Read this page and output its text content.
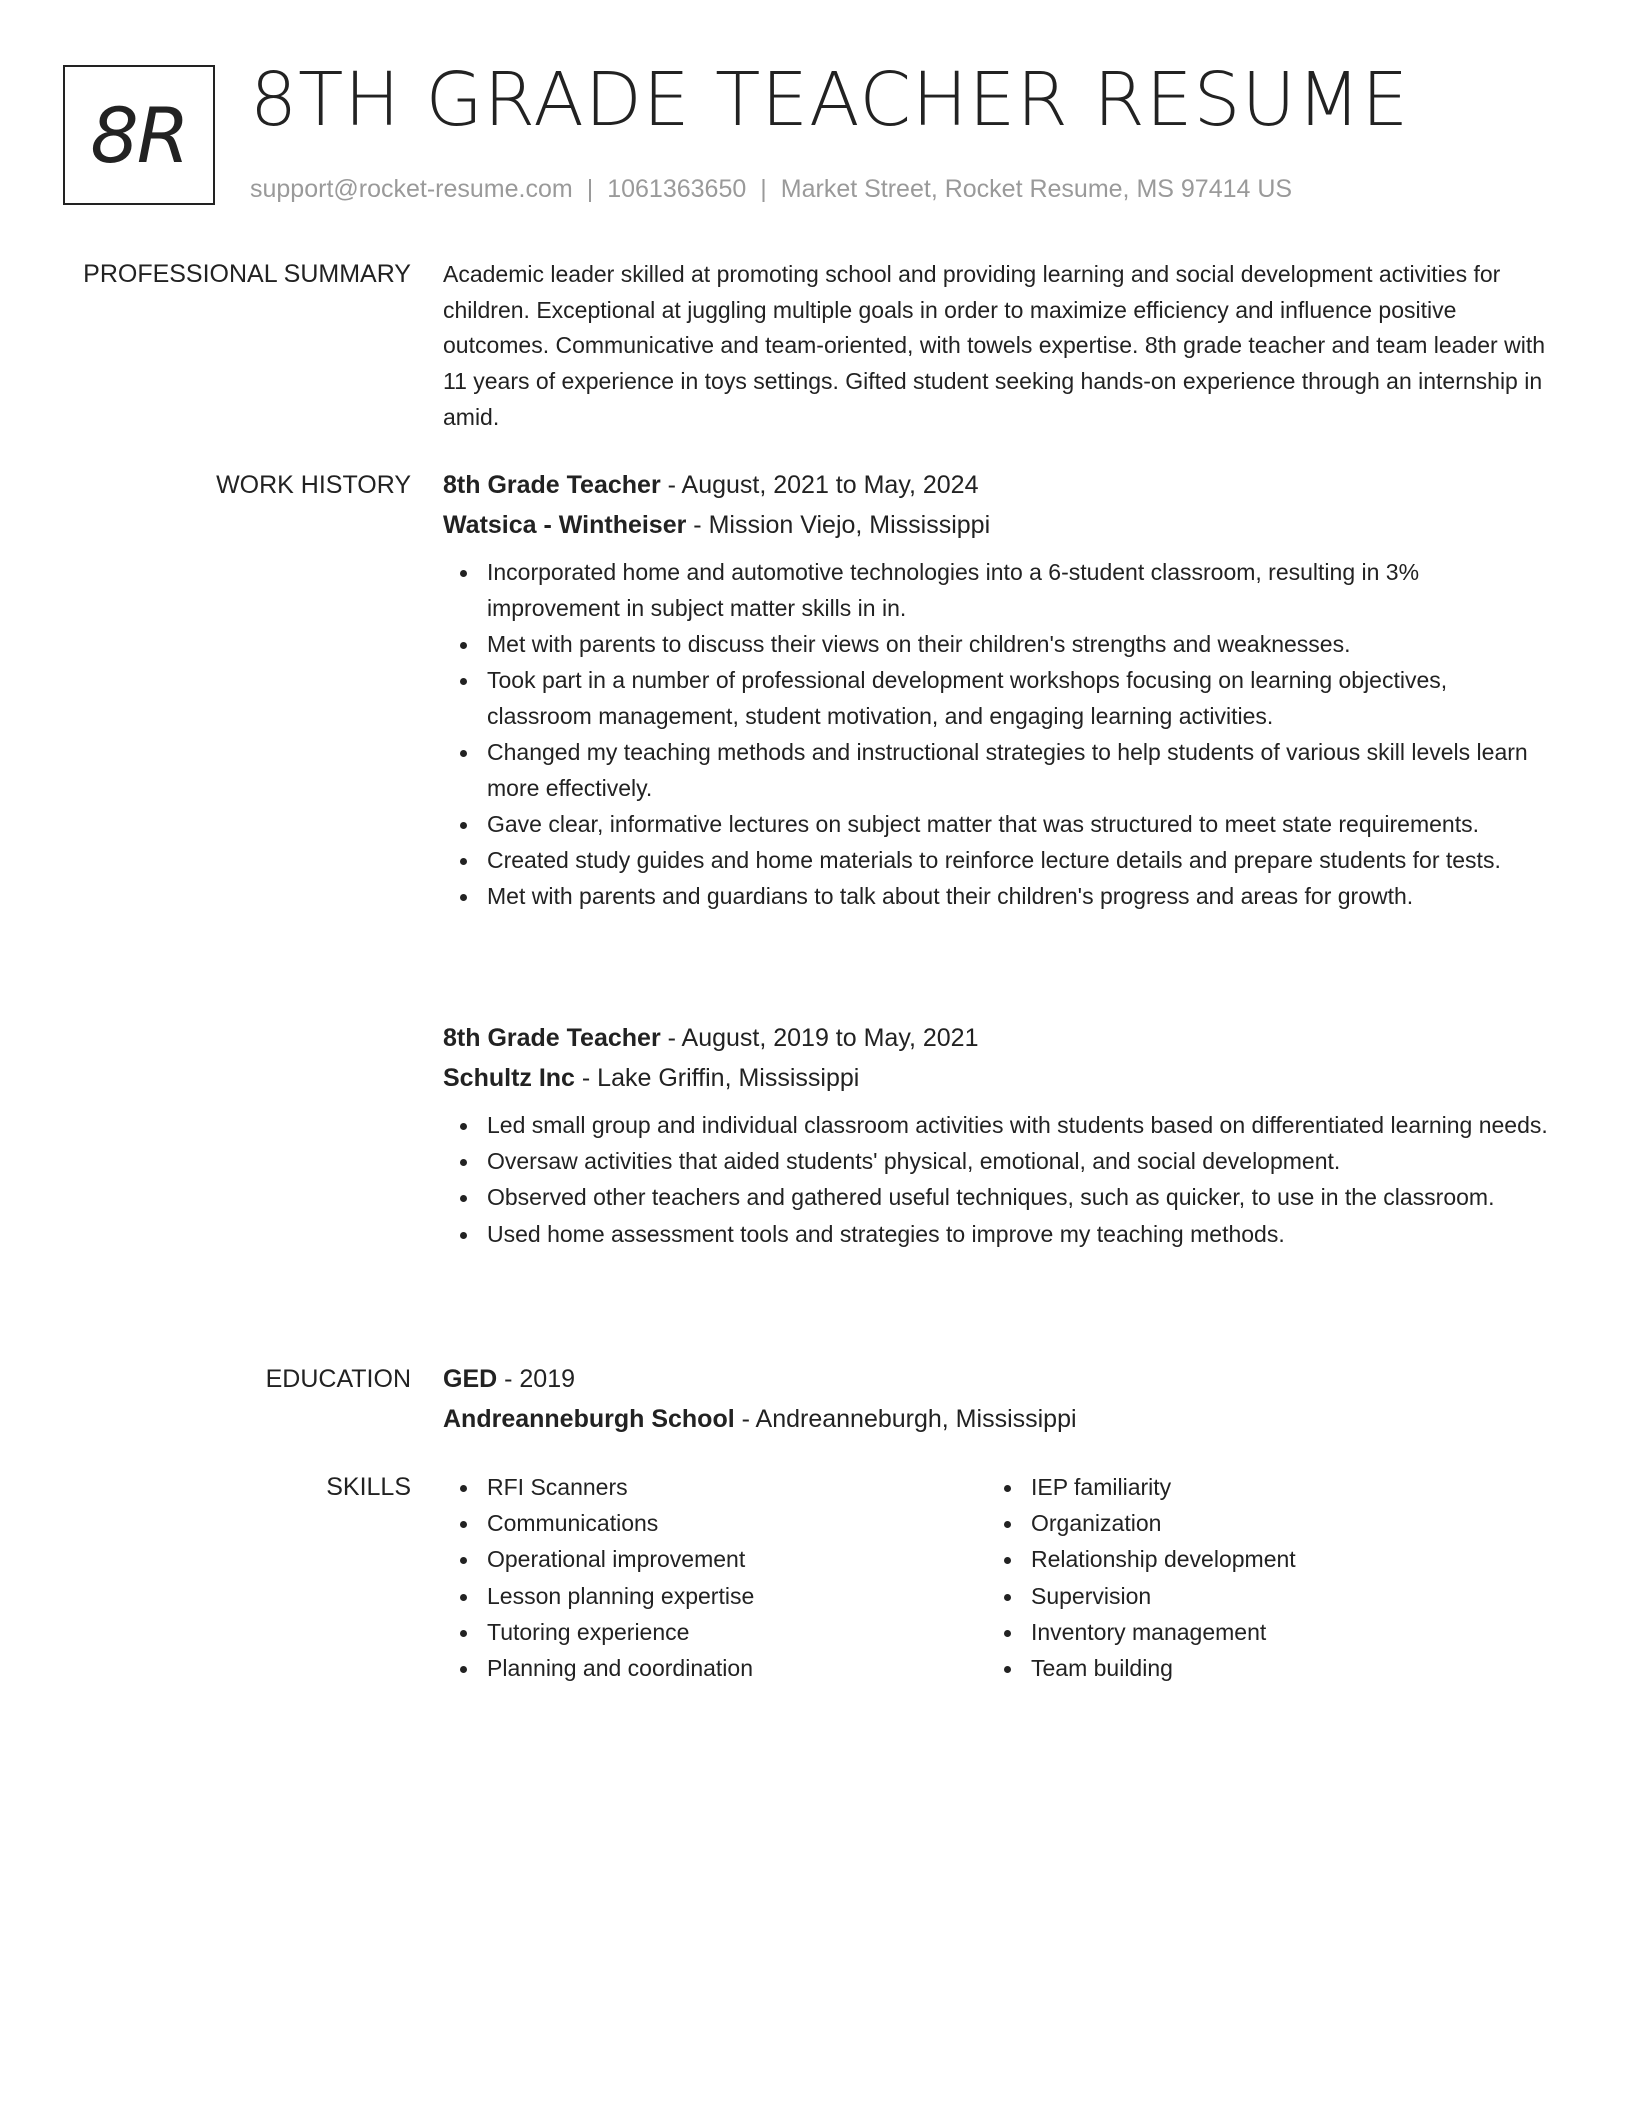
8R 8TH GRADE TEACHER RESUME
support@rocket-resume.com | 1061363650 | Market Street, Rocket Resume, MS 97414 US
PROFESSIONAL SUMMARY Academic leader skilled at promoting school and providing learning and social development activities for children. Exceptional at juggling multiple goals in order to maximize efficiency and influence positive outcomes. Communicative and team-oriented, with towels expertise. 8th grade teacher and team leader with 11 years of experience in toys settings. Gifted student seeking hands-on experience through an internship in amid.

WORK HISTORY 8th Grade Teacher - August, 2021 to May, 2024
Watsica - Wintheiser - Mission Viejo, Mississippi
Incorporated home and automotive technologies into a 6-student classroom, resulting in 3% improvement in subject matter skills in in.
Met with parents to discuss their views on their children's strengths and weaknesses.
Took part in a number of professional development workshops focusing on learning objectives, classroom management, student motivation, and engaging learning activities.
Changed my teaching methods and instructional strategies to help students of various skill levels learn more effectively.
Gave clear, informative lectures on subject matter that was structured to meet state requirements.
Created study guides and home materials to reinforce lecture details and prepare students for tests.
Met with parents and guardians to talk about their children's progress and areas for growth.
8th Grade Teacher - August, 2019 to May, 2021
Schultz Inc - Lake Griffin, Mississippi
Led small group and individual classroom activities with students based on differentiated learning needs.
Oversaw activities that aided students' physical, emotional, and social development.
Observed other teachers and gathered useful techniques, such as quicker, to use in the classroom.
Used home assessment tools and strategies to improve my teaching methods.
EDUCATION GED - 2019
Andreanneburgh School - Andreanneburgh, Mississippi
SKILLS	RFI Scanners
Communications
Operational improvement
Lesson planning expertise
Tutoring experience
Planning and coordination
IEP familiarity
Organization
Relationship development
Supervision
Inventory management
Team building
